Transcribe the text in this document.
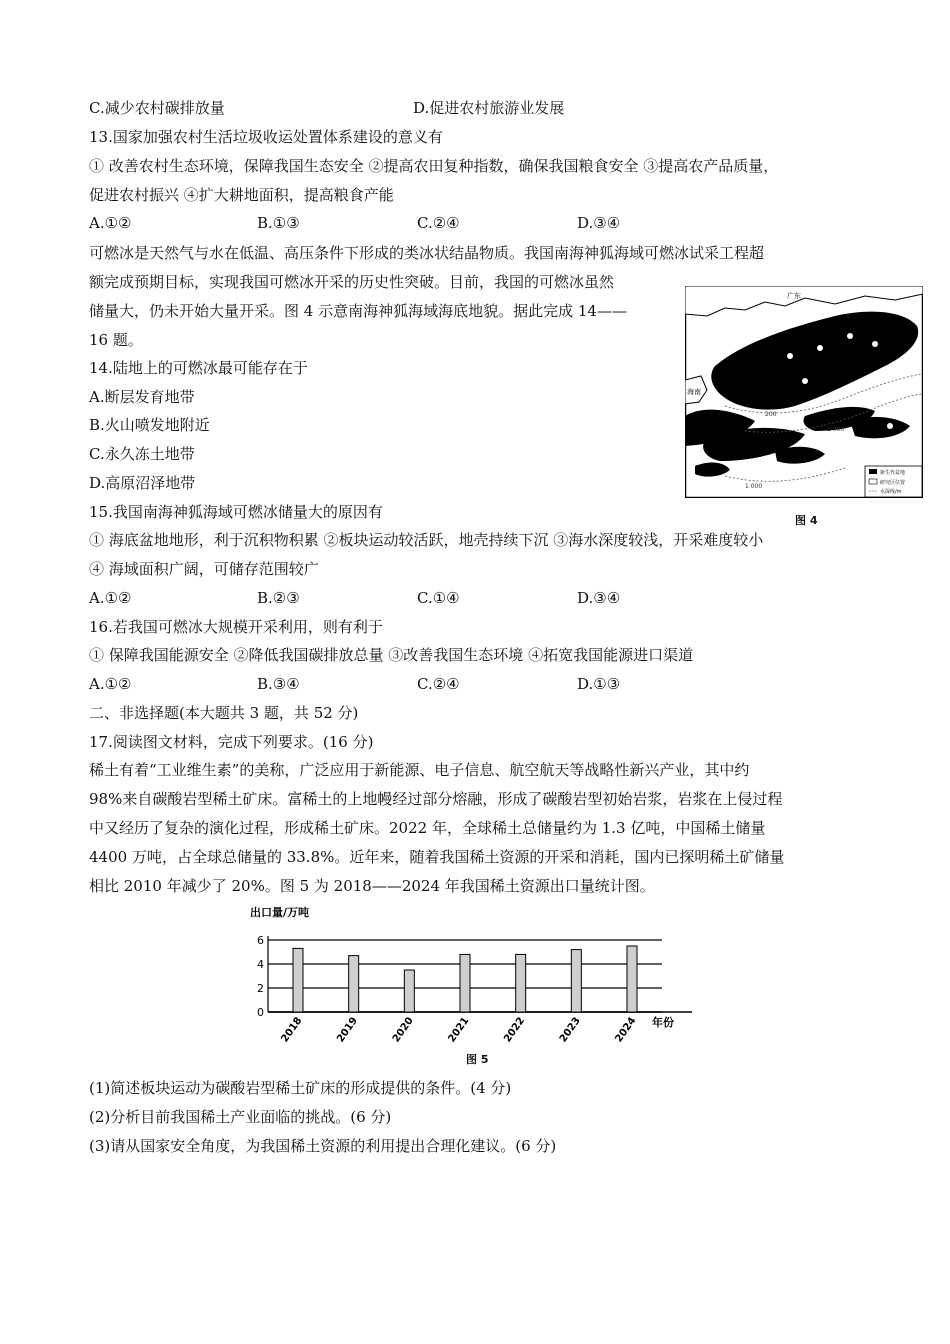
C.减少农村碳排放量	D.促进农村旅游业发展
13.国家加强农村生活垃圾收运处置体系建设的意义有
① 改善农村生态环境，保障我国生态安全 ②提高农田复种指数，确保我国粮食安全 ③提高农产品质量，
促进农村振兴 ④扩大耕地面积，提高粮食产能
A.①②	B.①③	C.②④	D.③④
可燃冰是天然气与水在低温、高压条件下形成的类冰状结晶物质。我国南海神狐海域可燃冰试采工程超
额完成预期目标，实现我国可燃冰开采的历史性突破。目前，我国的可燃冰虽然
储量大，仍未开始大量开采。图 4 示意南海神狐海域海底地貌。据此完成 14——
16 题。
14.陆地上的可燃冰最可能存在于
A.断层发育地带
B.火山喷发地附近
C.永久冻土地带
D.高原沼泽地带
广东
海南
200
1 000
1 000
新生代盆地
研究区位置
水深线/m
图 4
15.我国南海神狐海域可燃冰储量大的原因有
① 海底盆地地形，利于沉积物积累 ②板块运动较活跃，地壳持续下沉 ③海水深度较浅，开采难度较小
④ 海域面积广阔，可储存范围较广
A.①②	B.②③	C.①④	D.③④
16.若我国可燃冰大规模开采利用，则有利于
① 保障我国能源安全 ②降低我国碳排放总量 ③改善我国生态环境 ④拓宽我国能源进口渠道
A.①②	B.③④	C.②④	D.①③
二、非选择题(本大题共 3 题，共 52 分)
17.阅读图文材料，完成下列要求。(16 分)
稀土有着“工业维生素”的美称，广泛应用于新能源、电子信息、航空航天等战略性新兴产业，其中约
98%来自碳酸岩型稀土矿床。富稀土的上地幔经过部分熔融，形成了碳酸岩型初始岩浆，岩浆在上侵过程
中又经历了复杂的演化过程，形成稀土矿床。2022 年，全球稀土总储量约为 1.3 亿吨，中国稀土储量
4400 万吨，占全球总储量的 33.8%。近年来，随着我国稀土资源的开采和消耗，国内已探明稀土矿储量
相比 2010 年减少了 20%。图 5 为 2018——2024 年我国稀土资源出口量统计图。
出口量/万吨
0
2
4
6
2018	2019	2020	2021	2022	2023	2024 年份
图 5
(1)简述板块运动为碳酸岩型稀土矿床的形成提供的条件。(4 分)
(2)分析目前我国稀土产业面临的挑战。(6 分)
(3)请从国家安全角度，为我国稀土资源的利用提出合理化建议。(6 分)
